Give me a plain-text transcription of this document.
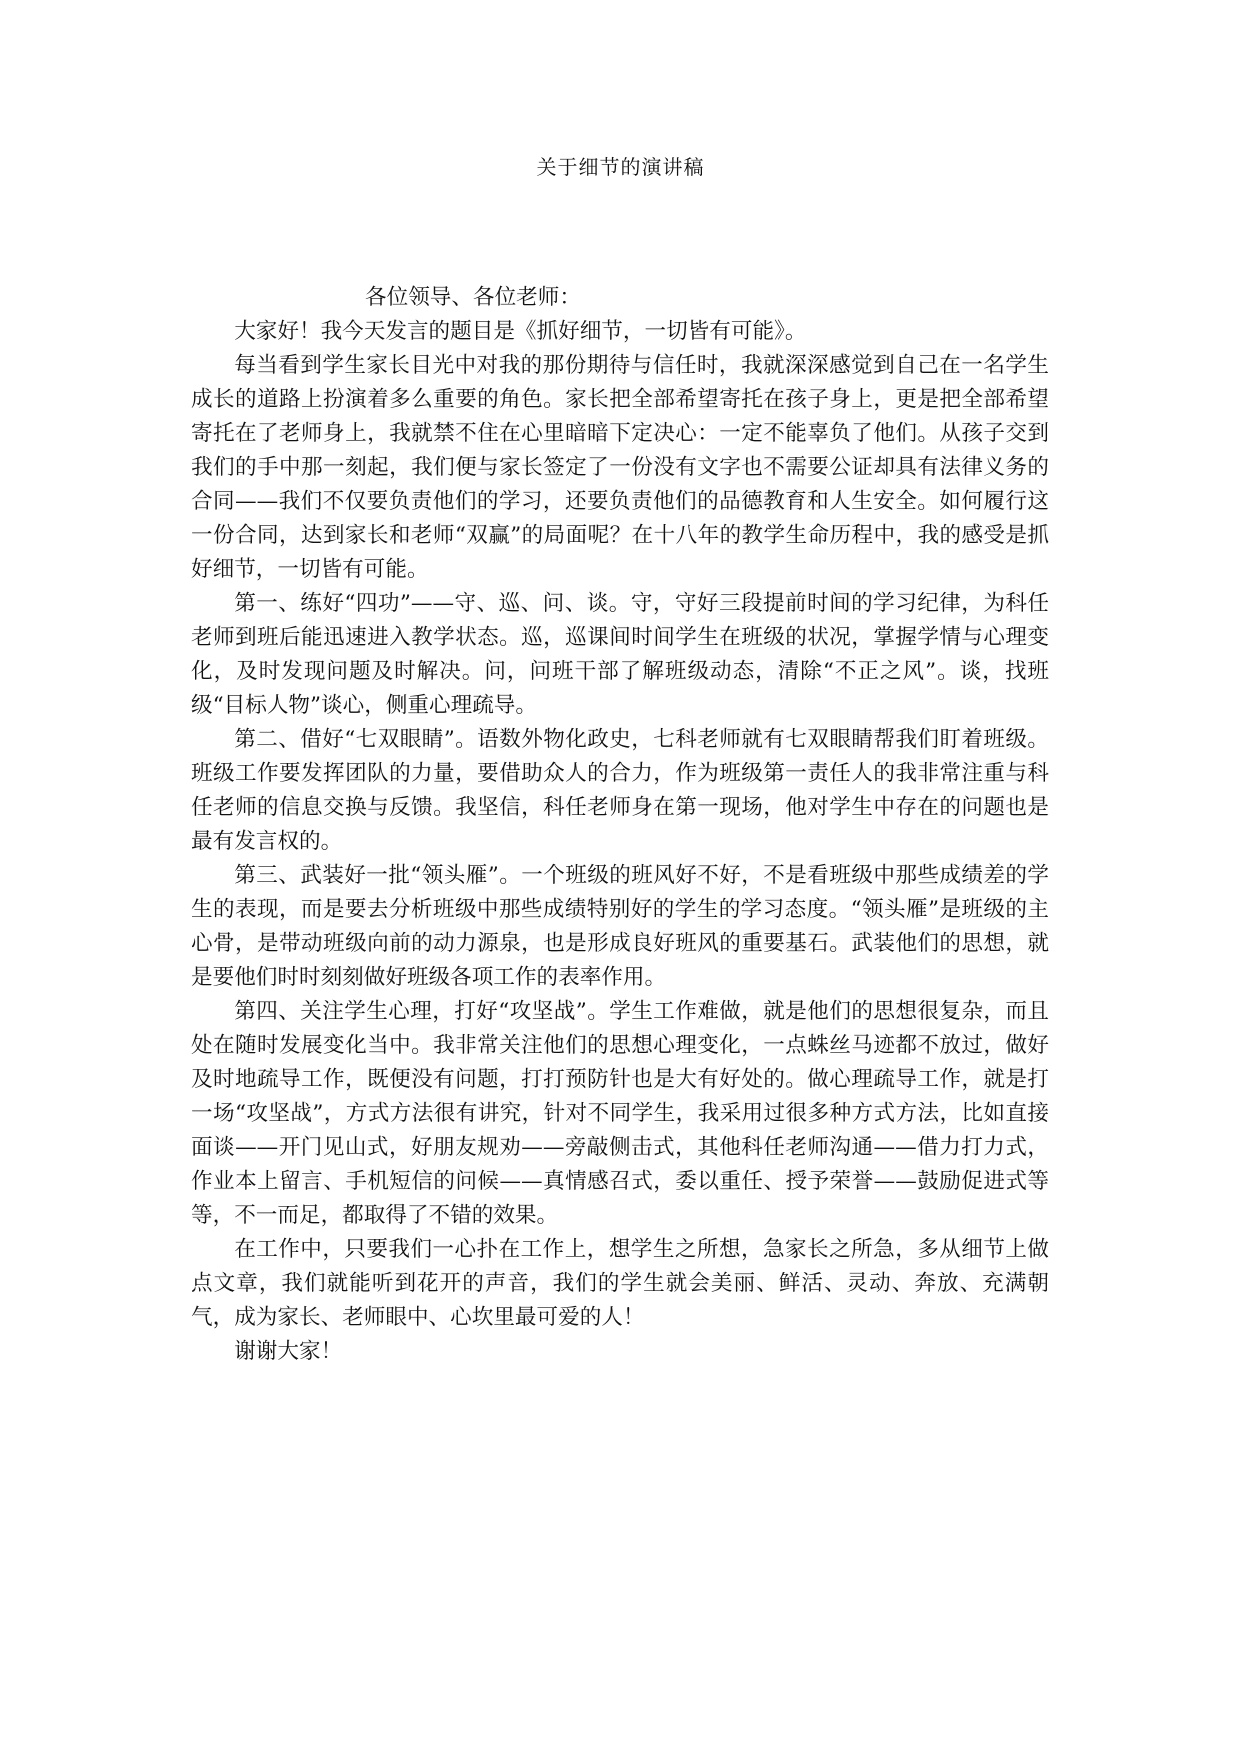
关于细节的演讲稿

各位领导、各位老师：

大家好！我今天发言的题目是《抓好细节，一切皆有可能》。

每当看到学生家长目光中对我的那份期待与信任时，我就深深感觉到自己在一名学生成长的道路上扮演着多么重要的角色。家长把全部希望寄托在孩子身上，更是把全部希望寄托在了老师身上，我就禁不住在心里暗暗下定决心：一定不能辜负了他们。从孩子交到我们的手中那一刻起，我们便与家长签定了一份没有文字也不需要公证却具有法律义务的合同——我们不仅要负责他们的学习，还要负责他们的品德教育和人生安全。如何履行这一份合同，达到家长和老师“双赢”的局面呢？在十八年的教学生命历程中，我的感受是抓好细节，一切皆有可能。

第一、练好“四功”——守、巡、问、谈。守，守好三段提前时间的学习纪律，为科任老师到班后能迅速进入教学状态。巡，巡课间时间学生在班级的状况，掌握学情与心理变化，及时发现问题及时解决。问，问班干部了解班级动态，清除“不正之风”。谈，找班级“目标人物”谈心，侧重心理疏导。

第二、借好“七双眼睛”。语数外物化政史，七科老师就有七双眼睛帮我们盯着班级。班级工作要发挥团队的力量，要借助众人的合力，作为班级第一责任人的我非常注重与科任老师的信息交换与反馈。我坚信，科任老师身在第一现场，他对学生中存在的问题也是最有发言权的。

第三、武装好一批“领头雁”。一个班级的班风好不好，不是看班级中那些成绩差的学生的表现，而是要去分析班级中那些成绩特别好的学生的学习态度。“领头雁”是班级的主心骨，是带动班级向前的动力源泉，也是形成良好班风的重要基石。武装他们的思想，就是要他们时时刻刻做好班级各项工作的表率作用。

第四、关注学生心理，打好“攻坚战”。学生工作难做，就是他们的思想很复杂，而且处在随时发展变化当中。我非常关注他们的思想心理变化，一点蛛丝马迹都不放过，做好及时地疏导工作，既便没有问题，打打预防针也是大有好处的。做心理疏导工作，就是打一场“攻坚战”，方式方法很有讲究，针对不同学生，我采用过很多种方式方法，比如直接面谈——开门见山式，好朋友规劝——旁敲侧击式，其他科任老师沟通——借力打力式，作业本上留言、手机短信的问候——真情感召式，委以重任、授予荣誉——鼓励促进式等等，不一而足，都取得了不错的效果。

在工作中，只要我们一心扑在工作上，想学生之所想，急家长之所急，多从细节上做点文章，我们就能听到花开的声音，我们的学生就会美丽、鲜活、灵动、奔放、充满朝气，成为家长、老师眼中、心坎里最可爱的人！

谢谢大家！
